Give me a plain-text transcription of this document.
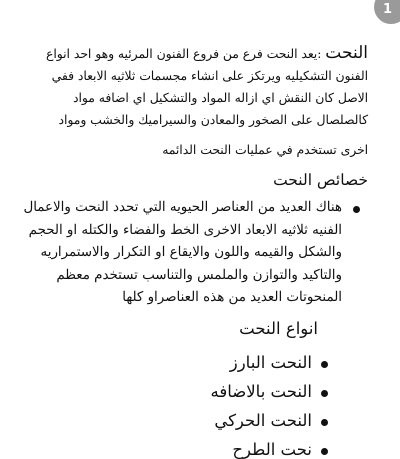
1

النحت :يعد النحت فرع من فروع الفنون المرئيه وهو احد انواع الفنون التشكيليه ويرتكز على انشاء مجسمات ثلاثيه الابعاد ففي الاصل كان النقش اي ازاله المواد والتشكيل اي اضافه مواد كالصلصال على الصخور والمعادن والسيراميك والخشب ومواد
اخرى تستخدم في عمليات النحت الدائمه

خصائص النحت
هناك العديد من العناصر الحيويه التي تحدد النحت والاعمال الفنيه ثلاثيه الابعاد الاخرى الخط والفضاء والكتله او الحجم والشكل والقيمه واللون والايقاع او التكرار والاستمراريه والتاكيد والتوازن والملمس والتناسب تستخدم معظم المنحوتات العديد من هذه العناصراو كلها
انواع النحت
النحت البارز
النحت بالاضافه
النحت الحركي
نحت الطرح
